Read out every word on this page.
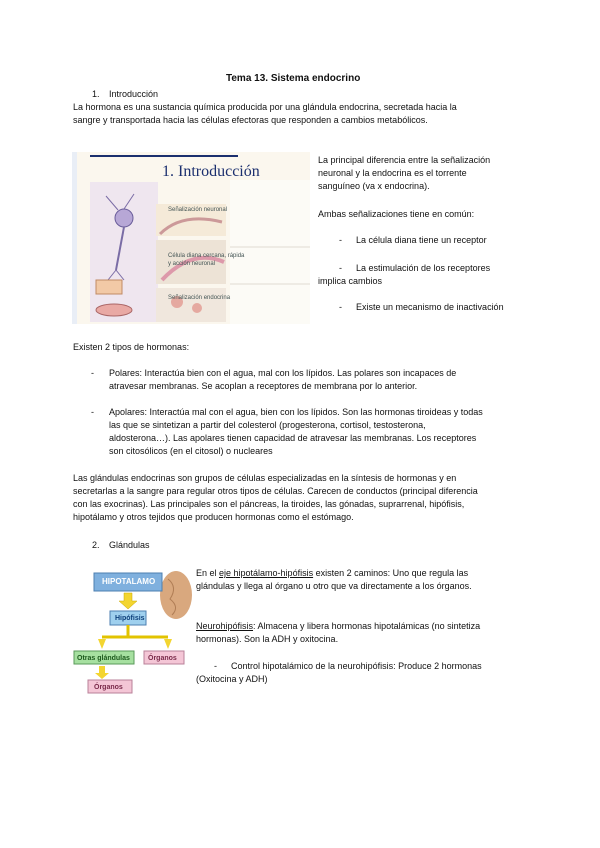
Tema 13. Sistema endocrino
1. Introducción
La hormona es una sustancia química producida por una glándula endocrina, secretada hacia la
sangre y transportada hacia las células efectoras que responden a cambios metabólicos.
1. Introducción
Señalización neuronal
Célula diana cercana, rápida
y acción neuronal
Señalización endocrina
La principal diferencia entre la señalización
neuronal y la endocrina es el torrente
sanguíneo (va x endocrina).
Ambas señalizaciones tiene en común:
- La célula diana tiene un receptor
- La estimulación de los receptores
implica cambios
- Existe un mecanismo de inactivación
Existen 2 tipos de hormonas:
- Polares: Interactúa bien con el agua, mal con los lípidos. Las polares son incapaces de
atravesar membranas. Se acoplan a receptores de membrana por lo anterior.
- Apolares: Interactúa mal con el agua, bien con los lípidos. Son las hormonas tiroideas y todas
las que se sintetizan a partir del colesterol (progesterona, cortisol, testosterona,
aldosterona…). Las apolares tienen capacidad de atravesar las membranas. Los receptores
son citosólicos (en el citosol) o nucleares
Las glándulas endocrinas son grupos de células especializadas en la síntesis de hormonas y en
secretarlas a la sangre para regular otros tipos de células. Carecen de conductos (principal diferencia
con las exocrinas). Las principales son el páncreas, la tiroides, las gónadas, suprarrenal, hipófisis,
hipotálamo y otros tejidos que producen hormonas como el estómago.
2. Glándulas
HIPOTALAMO
Hipófisis
Otras glándulas	Órganos
Órganos
En el eje hipotálamo-hipófisis existen 2 caminos: Uno que regula las
glándulas y llega al órgano u otro que va directamente a los órganos.
Neurohipófisis: Almacena y libera hormonas hipotalámicas (no sintetiza
hormonas). Son la ADH y oxitocina.
- Control hipotalámico de la neurohipófisis: Produce 2 hormonas
(Oxitocina y ADH)
